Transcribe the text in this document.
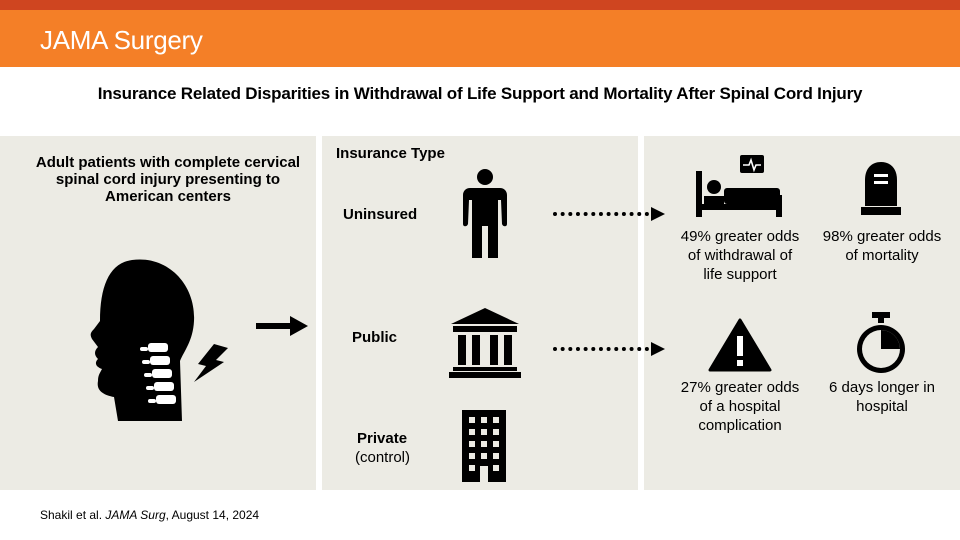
JAMA Surgery
Insurance Related Disparities in Withdrawal of Life Support and Mortality After Spinal Cord Injury
Adult patients with complete cervical spinal cord injury presenting to American centers
Insurance Type
Uninsured
Public
Private
(control)
49% greater odds of withdrawal of life support
98% greater odds of mortality
27% greater odds of a hospital complication
6 days longer in hospital
Shakil et al. JAMA Surg, August 14, 2024
